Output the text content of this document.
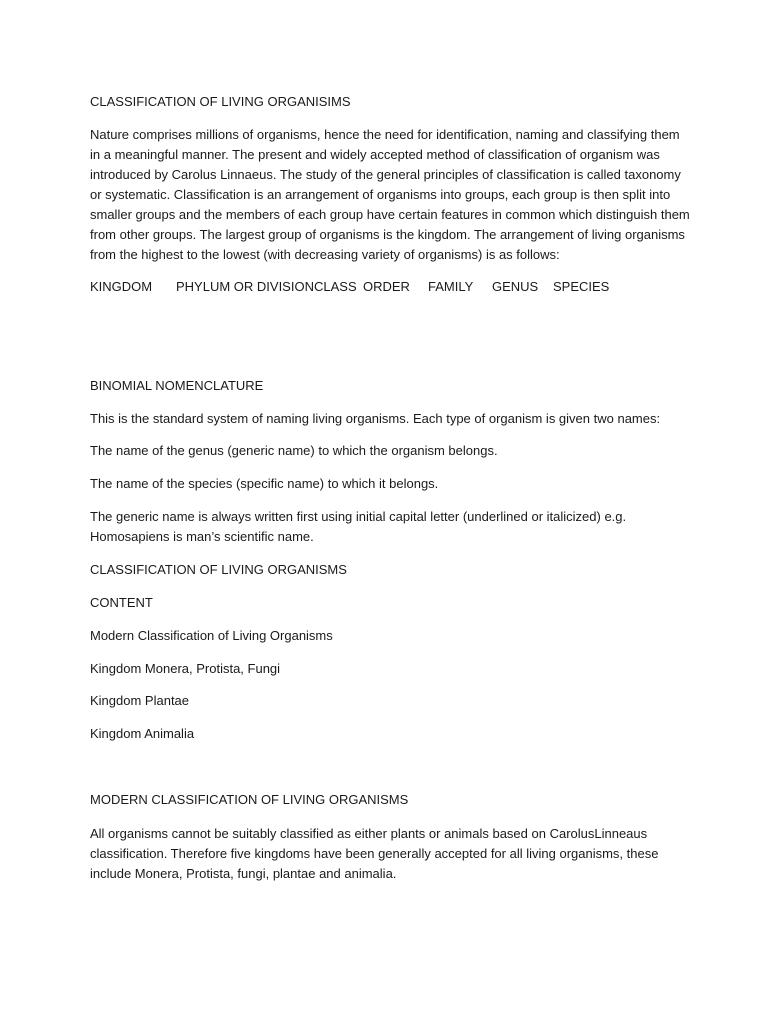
CLASSIFICATION OF LIVING ORGANISIMS
Nature comprises millions of organisms, hence the need for identification, naming and classifying them
in a meaningful manner. The present and widely accepted method of classification of organism was
introduced by Carolus Linnaeus. The study of the general principles of classification is called taxonomy
or systematic. Classification is an arrangement of organisms into groups, each group is then split into
smaller groups and the members of each group have certain features in common which distinguish them
from other groups. The largest group of organisms is the kingdom. The arrangement of living organisms
from the highest to the lowest (with decreasing variety of organisms) is as follows:
KINGDOM PHYLUM OR DIVISION CLASS ORDER FAMILY GENUS SPECIES
BINOMIAL NOMENCLATURE
This is the standard system of naming living organisms. Each type of organism is given two names:
The name of the genus (generic name) to which the organism belongs.
The name of the species (specific name) to which it belongs.
The generic name is always written first using initial capital letter (underlined or italicized) e.g.
Homosapiens is man’s scientific name.
CLASSIFICATION OF LIVING ORGANISMS
CONTENT
Modern Classification of Living Organisms
Kingdom Monera, Protista, Fungi
Kingdom Plantae
Kingdom Animalia
MODERN CLASSIFICATION OF LIVING ORGANISMS
All organisms cannot be suitably classified as either plants or animals based on CarolusLinneaus
classification. Therefore five kingdoms have been generally accepted for all living organisms, these
include Monera, Protista, fungi, plantae and animalia.
